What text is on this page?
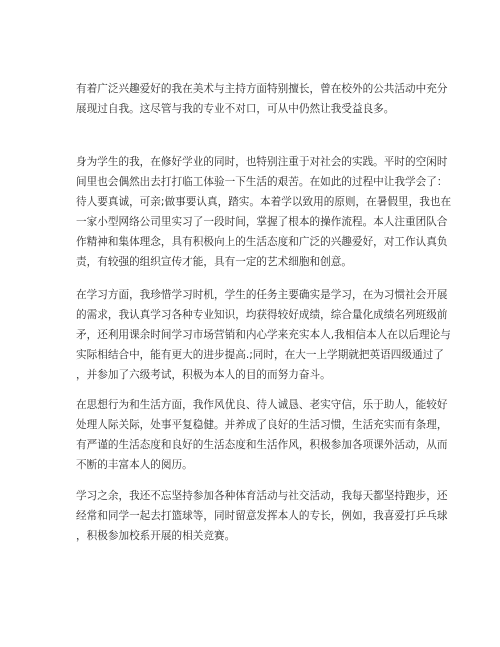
有着广泛兴趣爱好的我在美术与主持方面特别擅长，曾在校外的公共活动中充分
展现过自我。这尽管与我的专业不对口，可从中仍然让我受益良多。

身为学生的我，在修好学业的同时，也特别注重于对社会的实践。平时的空闲时
间里也会偶然出去打打临工体验一下生活的艰苦。在如此的过程中让我学会了：
待人要真诚，可亲;做事要认真，踏实。本着学以致用的原则，在暑假里，我也在
一家小型网络公司里实习了一段时间，掌握了根本的操作流程。本人注重团队合
作精神和集体理念，具有积极向上的生活态度和广泛的兴趣爱好，对工作认真负
责，有较强的组织宣传才能，具有一定的艺术细胞和创意。

在学习方面，我珍惜学习时机，学生的任务主要确实是学习，在为习惯社会开展
的需求，我认真学习各种专业知识，均获得较好成绩，综合量化成绩名列班级前
矛，还利用课余时间学习市场营销和内心学来充实本人,我相信本人在以后理论与
实际相结合中，能有更大的进步提高.;同时，在大一上学期就把英语四级通过了
，并参加了六级考试，积极为本人的目的而努力奋斗。

在思想行为和生活方面，我作风优良、待人诚恳、老实守信，乐于助人，能较好
处理人际关际，处事平复稳健。并养成了良好的生活习惯，生活充实而有条理，
有严谨的生活态度和良好的生活态度和生活作风，积极参加各项课外活动，从而
不断的丰富本人的阅历。

学习之余，我还不忘坚持参加各种体育活动与社交活动，我每天都坚持跑步，还
经常和同学一起去打篮球等，同时留意发挥本人的专长，例如，我喜爱打乒乓球
，积极参加校系开展的相关竞赛。
